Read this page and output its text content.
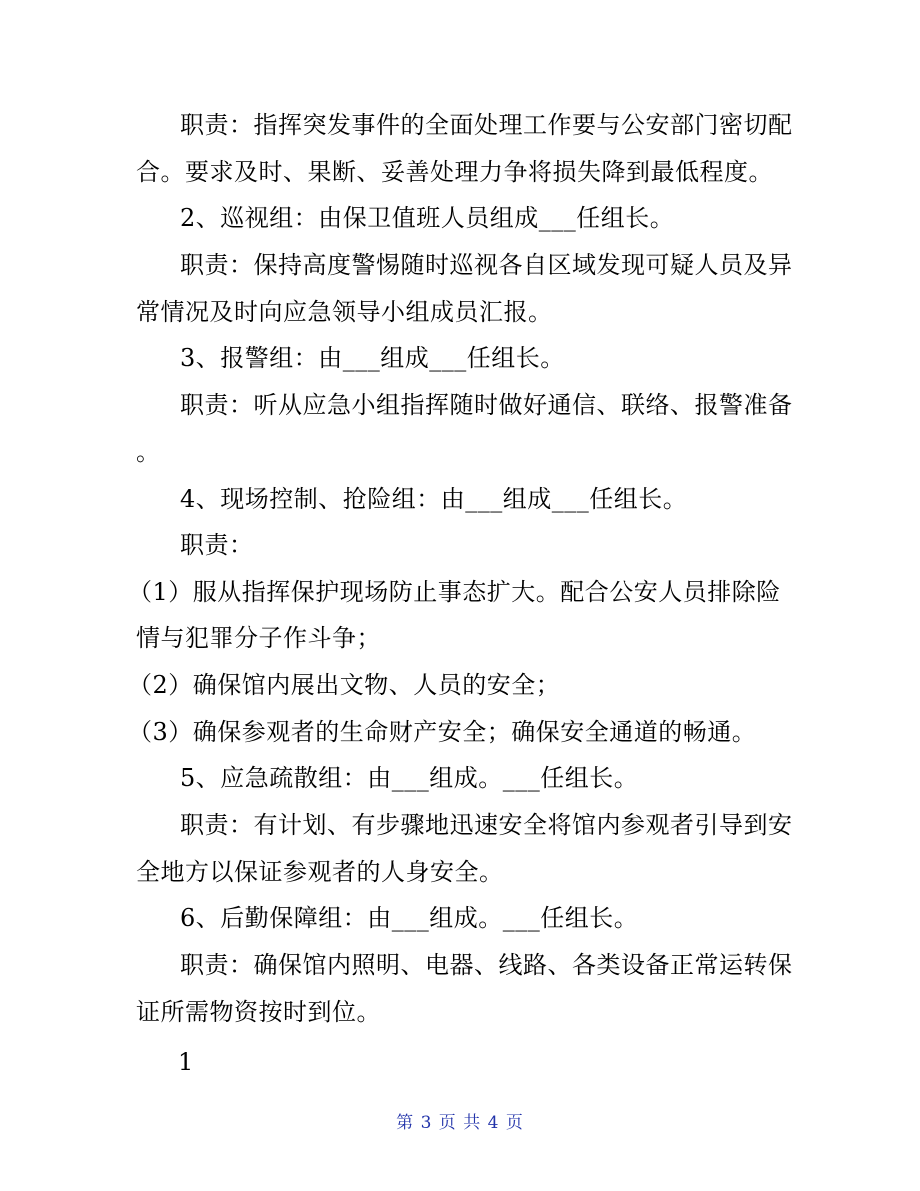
职责：指挥突发事件的全面处理工作要与公安部门密切配
合。要求及时、果断、妥善处理力争将损失降到最低程度。
2、巡视组：由保卫值班人员组成___任组长。
职责：保持高度警惕随时巡视各自区域发现可疑人员及异
常情况及时向应急领导小组成员汇报。
3、报警组：由___组成___任组长。
职责：听从应急小组指挥随时做好通信、联络、报警准备
。
4、现场控制、抢险组：由___组成___任组长。
职责：
（1）服从指挥保护现场防止事态扩大。配合公安人员排除险
情与犯罪分子作斗争；
（2）确保馆内展出文物、人员的安全；
（3）确保参观者的生命财产安全；确保安全通道的畅通。
5、应急疏散组：由___组成。___任组长。
职责：有计划、有步骤地迅速安全将馆内参观者引导到安
全地方以保证参观者的人身安全。
6、后勤保障组：由___组成。___任组长。
职责：确保馆内照明、电器、线路、各类设备正常运转保
证所需物资按时到位。
1
第 3 页 共 4 页
